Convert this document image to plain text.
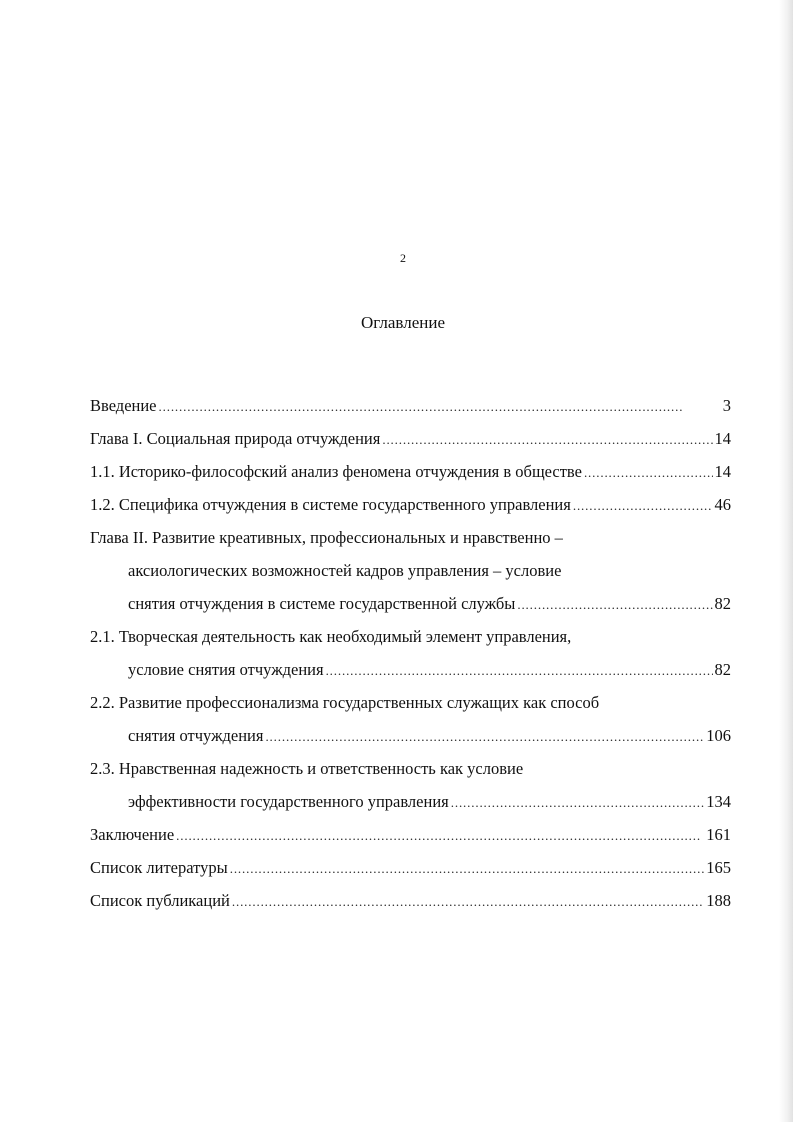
2
Оглавление
Введение . . .	3
Глава I. Социальная природа отчуждения . . .	14
1.1. Историко-философский анализ феномена отчуждения в обществе . . .	14
1.2. Специфика отчуждения в системе государственного управления . . .	46
Глава II. Развитие креативных, профессиональных и нравственно –
аксиологических возможностей кадров управления – условие
снятия отчуждения в системе государственной службы . . .	82
2.1. Творческая деятельность как необходимый элемент управления,
условие снятия отчуждения . . .	82
2.2. Развитие профессионализма государственных служащих как способ
снятия отчуждения . . .	106
2.3. Нравственная надежность и ответственность как условие
эффективности государственного управления . . .	134
Заключение . . .	161
Список литературы . . .	165
Список публикаций . . .	188
